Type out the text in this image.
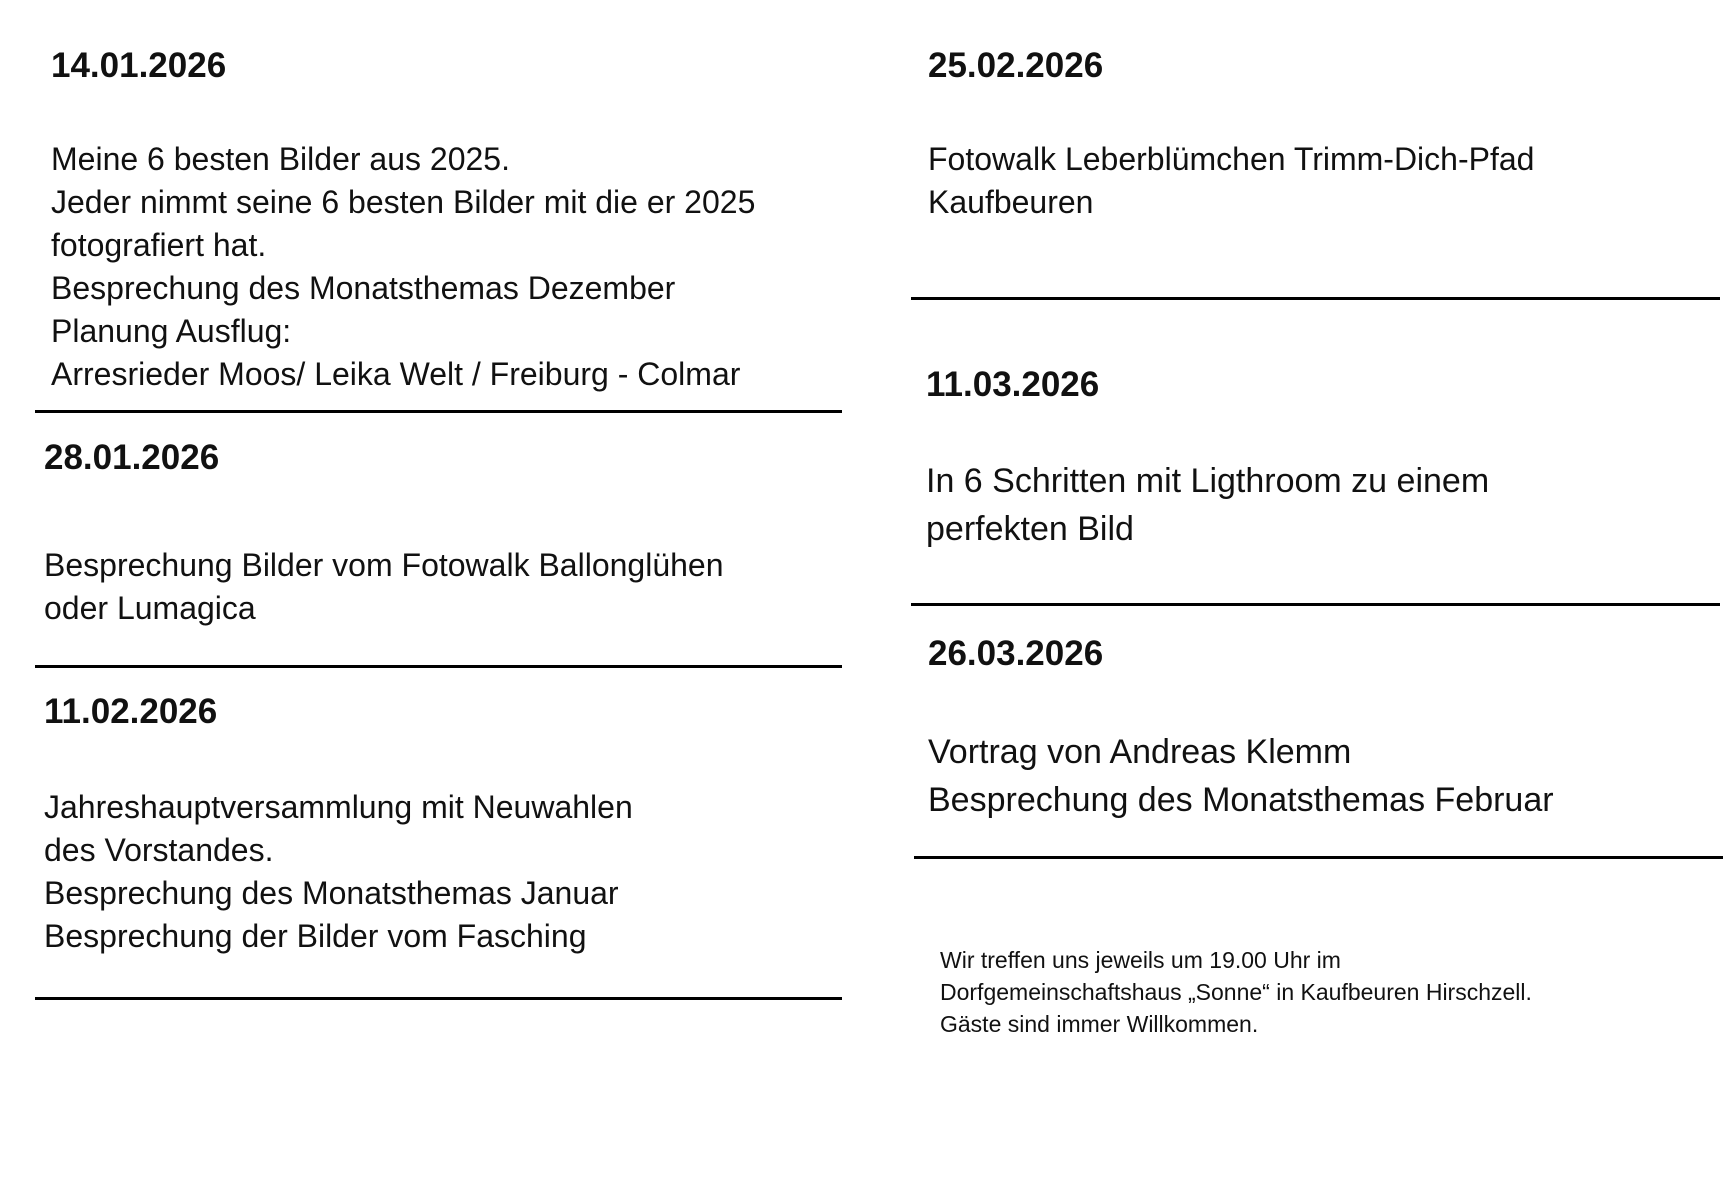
14.01.2026
Meine 6 besten Bilder aus 2025.
Jeder nimmt seine 6 besten Bilder mit die er 2025
fotografiert hat.
Besprechung des Monatsthemas Dezember
Planung Ausflug:
Arresrieder Moos/ Leika Welt / Freiburg - Colmar
28.01.2026
Besprechung Bilder vom Fotowalk Ballonglühen
oder Lumagica
11.02.2026
Jahreshauptversammlung mit Neuwahlen
des Vorstandes.
Besprechung des Monatsthemas Januar
Besprechung der Bilder vom Fasching
25.02.2026
Fotowalk Leberblümchen Trimm-Dich-Pfad
Kaufbeuren
11.03.2026
In 6 Schritten mit Ligthroom zu einem
perfekten Bild
26.03.2026
Vortrag von Andreas Klemm
Besprechung des Monatsthemas Februar
Wir treffen uns jeweils um 19.00 Uhr im
Dorfgemeinschaftshaus „Sonne“ in Kaufbeuren Hirschzell.
Gäste sind immer Willkommen.
